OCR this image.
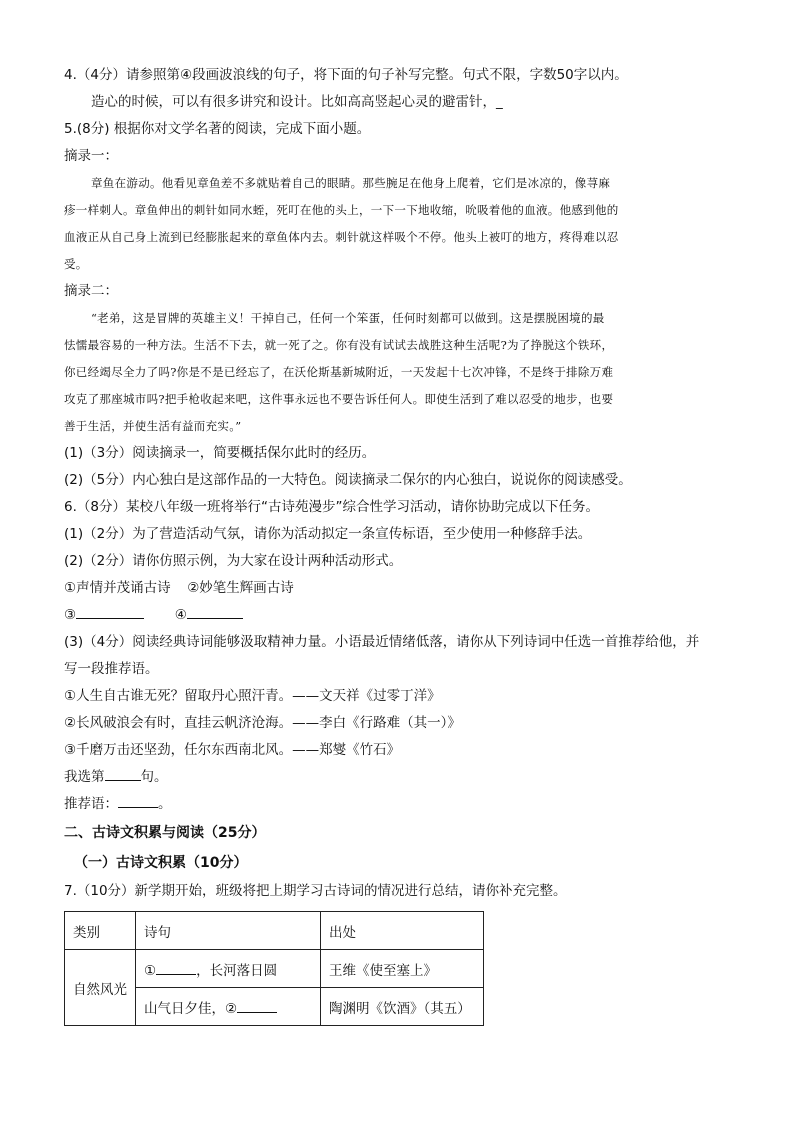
4.（4分）请参照第④段画波浪线的句子，将下面的句子补写完整。句式不限，字数50字以内。
造心的时候，可以有很多讲究和设计。比如高高竖起心灵的避雷针，_
5.(8分) 根据你对文学名著的阅读，完成下面小题。
摘录一：
章鱼在游动。他看见章鱼差不多就贴着自己的眼睛。那些腕足在他身上爬着，它们是冰凉的，像荨麻
疹一样刺人。章鱼伸出的刺针如同水蛭，死叮在他的头上，一下一下地收缩，吮吸着他的血液。他感到他的
血液正从自己身上流到已经膨胀起来的章鱼体内去。刺针就这样吸个不停。他头上被叮的地方，疼得难以忍
受。
摘录二：
“老弟，这是冒牌的英雄主义！干掉自己，任何一个笨蛋，任何时刻都可以做到。这是摆脱困境的最
怯懦最容易的一种方法。生活不下去，就一死了之。你有没有试试去战胜这种生活呢?为了挣脱这个铁环，
你已经竭尽全力了吗?你是不是已经忘了，在沃伦斯基新城附近，一天发起十七次冲锋，不是终于排除万难
攻克了那座城市吗?把手枪收起来吧，这件事永远也不要告诉任何人。即使生活到了难以忍受的地步，也要
善于生活，并使生活有益而充实。”
(1)（3分）阅读摘录一，简要概括保尔此时的经历。
(2)（5分）内心独白是这部作品的一大特色。阅读摘录二保尔的内心独白，说说你的阅读感受。
6.（8分）某校八年级一班将举行“古诗苑漫步”综合性学习活动，请你协助完成以下任务。
(1)（2分）为了营造活动气氛，请你为活动拟定一条宣传标语，至少使用一种修辞手法。
(2)（2分）请你仿照示例，为大家在设计两种活动形式。
①声情并茂诵古诗 ②妙笔生辉画古诗
③	④
(3)（4分）阅读经典诗词能够汲取精神力量。小语最近情绪低落，请你从下列诗词中任选一首推荐给他，并
写一段推荐语。
①人生自古谁无死？留取丹心照汗青。——文天祥《过零丁洋》
②长风破浪会有时，直挂云帆济沧海。——李白《行路难（其一）》
③千磨万击还坚劲，任尔东西南北风。——郑燮《竹石》
我选第	句。
推荐语：	。
二、古诗文积累与阅读（25分）
（一）古诗文积累（10分）
7.（10分）新学期开始，班级将把上期学习古诗词的情况进行总结，请你补充完整。
类别	诗句	出处
自然风光	① ，长河落日圆	王维《使至塞上》
	山气日夕佳，②	陶渊明《饮酒》（其五）
